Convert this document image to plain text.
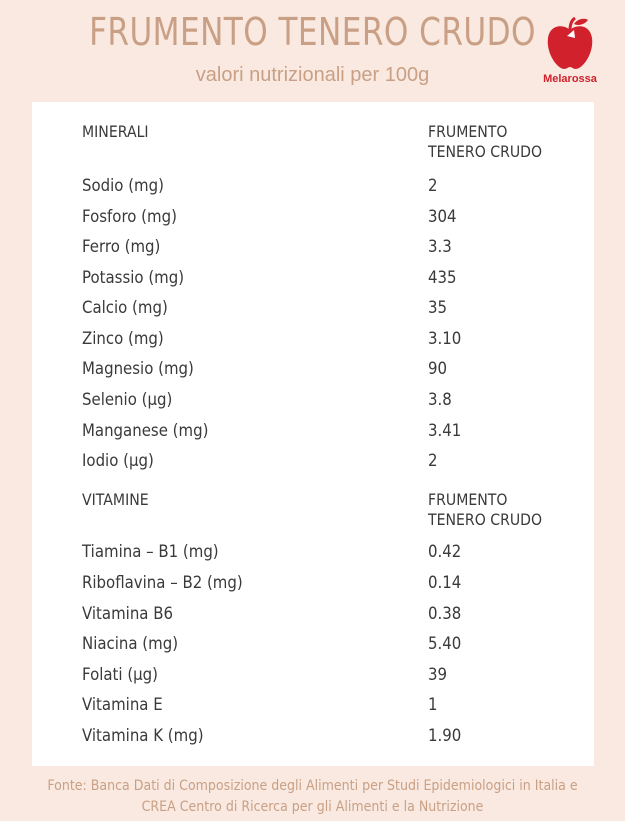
FRUMENTO TENERO CRUDO
valori nutrizionali per 100g	Melarossa
MINERALI	FRUMENTO
TENERO CRUDO
Sodio (mg)	2
Fosforo (mg)	304
Ferro (mg)	3.3
Potassio (mg)	435
Calcio (mg)	35
Zinco (mg)	3.10
Magnesio (mg)	90
Selenio (µg)	3.8
Manganese (mg)	3.41
Iodio (µg)	2
VITAMINE	FRUMENTO
TENERO CRUDO
Tiamina – B1 (mg)	0.42
Riboflavina – B2 (mg)	0.14
Vitamina B6	0.38
Niacina (mg)	5.40
Folati (µg)	39
Vitamina E	1
Vitamina K (mg)	1.90
Fonte: Banca Dati di Composizione degli Alimenti per Studi Epidemiologici in Italia e
CREA Centro di Ricerca per gli Alimenti e la Nutrizione
